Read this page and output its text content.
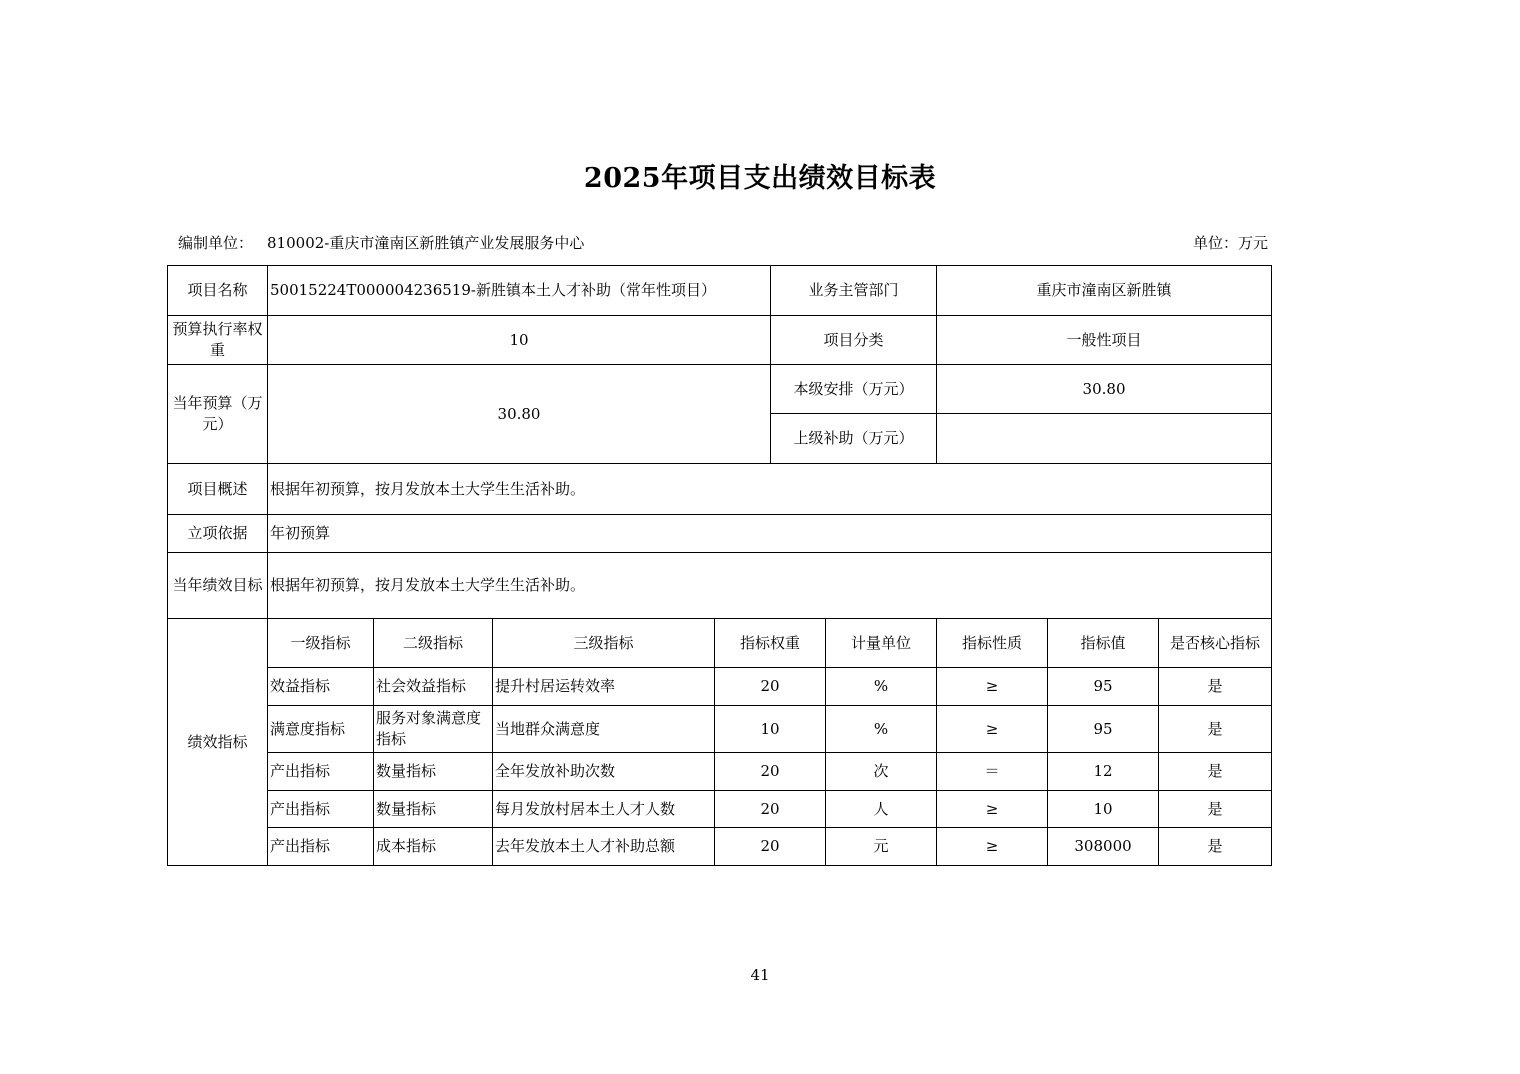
2025年项目支出绩效目标表
编制单位： 810002-重庆市潼南区新胜镇产业发展服务中心	单位：万元
项目名称	50015224T000004236519-新胜镇本土人才补助（常年性项目）				业务主管部门		重庆市潼南区新胜镇		
预算执行率权重	10				项目分类		一般性项目		
当年预算（万元）	30.80				本级安排（万元）		30.80		
					上级补助（万元）				
项目概述	根据年初预算，按月发放本土大学生生活补助。								
立项依据	年初预算								
当年绩效目标	根据年初预算，按月发放本土大学生生活补助。								
绩效指标	一级指标	二级指标	三级指标	指标权重		计量单位	指标性质	指标值	是否核心指标
	效益指标	社会效益指标	提升村居运转效率	20		%	≥	95	是
	满意度指标	服务对象满意度指标	当地群众满意度	10		%	≥	95	是
	产出指标	数量指标	全年发放补助次数	20		次	＝	12	是
	产出指标	数量指标	每月发放村居本土人才人数	20		人	≥	10	是
	产出指标	成本指标	去年发放本土人才补助总额	20		元	≥	308000	是
41
